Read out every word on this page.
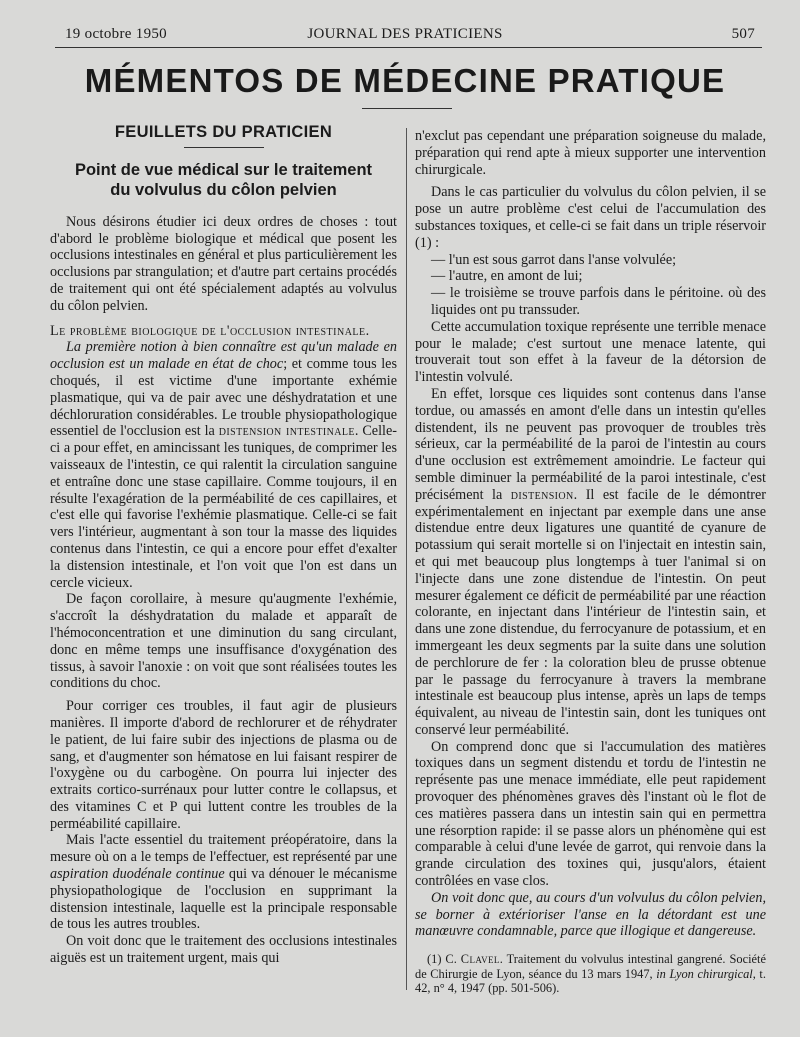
19 octobre 1950	JOURNAL DES PRATICIENS	507
MÉMENTOS DE MÉDECINE PRATIQUE
FEUILLETS DU PRATICIEN
Point de vue médical sur le traitement
du volvulus du côlon pelvien

Nous désirons étudier ici deux ordres de choses : tout d'abord le problème biologique et médical que posent les occlusions intestinales en général et plus particulièrement les occlusions par strangulation; et d'autre part certains procédés de traitement qui ont été spécialement adaptés au volvulus du côlon pelvien.

Le problème biologique de l'occlusion intestinale.

La première notion à bien connaître est qu'un malade en occlusion est un malade en état de choc; et comme tous les choqués, il est victime d'une importante exhémie plasmatique, qui va de pair avec une déshydratation et une déchloruration considérables. Le trouble physiopathologique essentiel de l'occlusion est la distension intestinale. Celle-ci a pour effet, en amincissant les tuniques, de comprimer les vaisseaux de l'intestin, ce qui ralentit la circulation sanguine et entraîne donc une stase capillaire. Comme toujours, il en résulte l'exagération de la perméabilité de ces capillaires, et c'est elle qui favorise l'exhémie plasmatique. Celle-ci se fait vers l'intérieur, augmentant à son tour la masse des liquides contenus dans l'intestin, ce qui a encore pour effet d'exalter la distension intestinale, et l'on voit que l'on est dans un cercle vicieux.

De façon corollaire, à mesure qu'augmente l'exhémie, s'accroît la déshydratation du malade et apparaît de l'hémoconcentration et une diminution du sang circulant, donc en même temps une insuffisance d'oxygénation des tissus, à savoir l'anoxie : on voit que sont réalisées toutes les conditions du choc.

Pour corriger ces troubles, il faut agir de plusieurs manières. Il importe d'abord de rechlorurer et de réhydrater le patient, de lui faire subir des injections de plasma ou de sang, et d'augmenter son hématose en lui faisant respirer de l'oxygène ou du carbogène. On pourra lui injecter des extraits cortico-surrénaux pour lutter contre le collapsus, et des vitamines C et P qui luttent contre les troubles de la perméabilité capillaire.

Mais l'acte essentiel du traitement préopératoire, dans la mesure où on a le temps de l'effectuer, est représenté par une aspiration duodénale continue qui va dénouer le mécanisme physiopathologique de l'occlusion en supprimant la distension intestinale, laquelle est la principale responsable de tous les autres troubles.

On voit donc que le traitement des occlusions intestinales aiguës est un traitement urgent, mais qui

n'exclut pas cependant une préparation soigneuse du malade, préparation qui rend apte à mieux supporter une intervention chirurgicale.

Dans le cas particulier du volvulus du côlon pelvien, il se pose un autre problème c'est celui de l'accumulation des substances toxiques, et celle-ci se fait dans un triple réservoir (1) :

— l'un est sous garrot dans l'anse volvulée;

— l'autre, en amont de lui;

— le troisième se trouve parfois dans le péritoine. où des liquides ont pu transsuder.

Cette accumulation toxique représente une terrible menace pour le malade; c'est surtout une menace latente, qui trouverait tout son effet à la faveur de la détorsion de l'intestin volvulé.

En effet, lorsque ces liquides sont contenus dans l'anse tordue, ou amassés en amont d'elle dans un intestin qu'elles distendent, ils ne peuvent pas provoquer de troubles très sérieux, car la perméabilité de la paroi de l'intestin au cours d'une occlusion est extrêmement amoindrie. Le facteur qui semble diminuer la perméabilité de la paroi intestinale, c'est précisément la distension. Il est facile de le démontrer expérimentalement en injectant par exemple dans une anse distendue entre deux ligatures une quantité de cyanure de potassium qui serait mortelle si on l'injectait en intestin sain, et qui met beaucoup plus longtemps à tuer l'animal si on l'injecte dans une zone distendue de l'intestin. On peut mesurer également ce déficit de perméabilité par une réaction colorante, en injectant dans l'intérieur de l'intestin sain, et dans une zone distendue, du ferrocyanure de potassium, et en immergeant les deux segments par la suite dans une solution de perchlorure de fer : la coloration bleu de prusse obtenue par le passage du ferrocyanure à travers la membrane intestinale est beaucoup plus intense, après un laps de temps équivalent, au niveau de l'intestin sain, dont les tuniques ont conservé leur perméabilité.

On comprend donc que si l'accumulation des matières toxiques dans un segment distendu et tordu de l'intestin ne représente pas une menace immédiate, elle peut rapidement provoquer des phénomènes graves dès l'instant où le flot de ces matières passera dans un intestin sain qui en permettra une résorption rapide: il se passe alors un phénomène qui est comparable à celui d'une levée de garrot, qui renvoie dans la grande circulation des toxines qui, jusqu'alors, étaient contrôlées en vase clos.

On voit donc que, au cours d'un volvulus du côlon pelvien, se borner à extérioriser l'anse en la détordant est une manœuvre condamnable, parce que illogique et dangereuse.

(1) C. Clavel. Traitement du volvulus intestinal gangrené. Société de Chirurgie de Lyon, séance du 13 mars 1947, in Lyon chirurgical, t. 42, n° 4, 1947 (pp. 501-506).
